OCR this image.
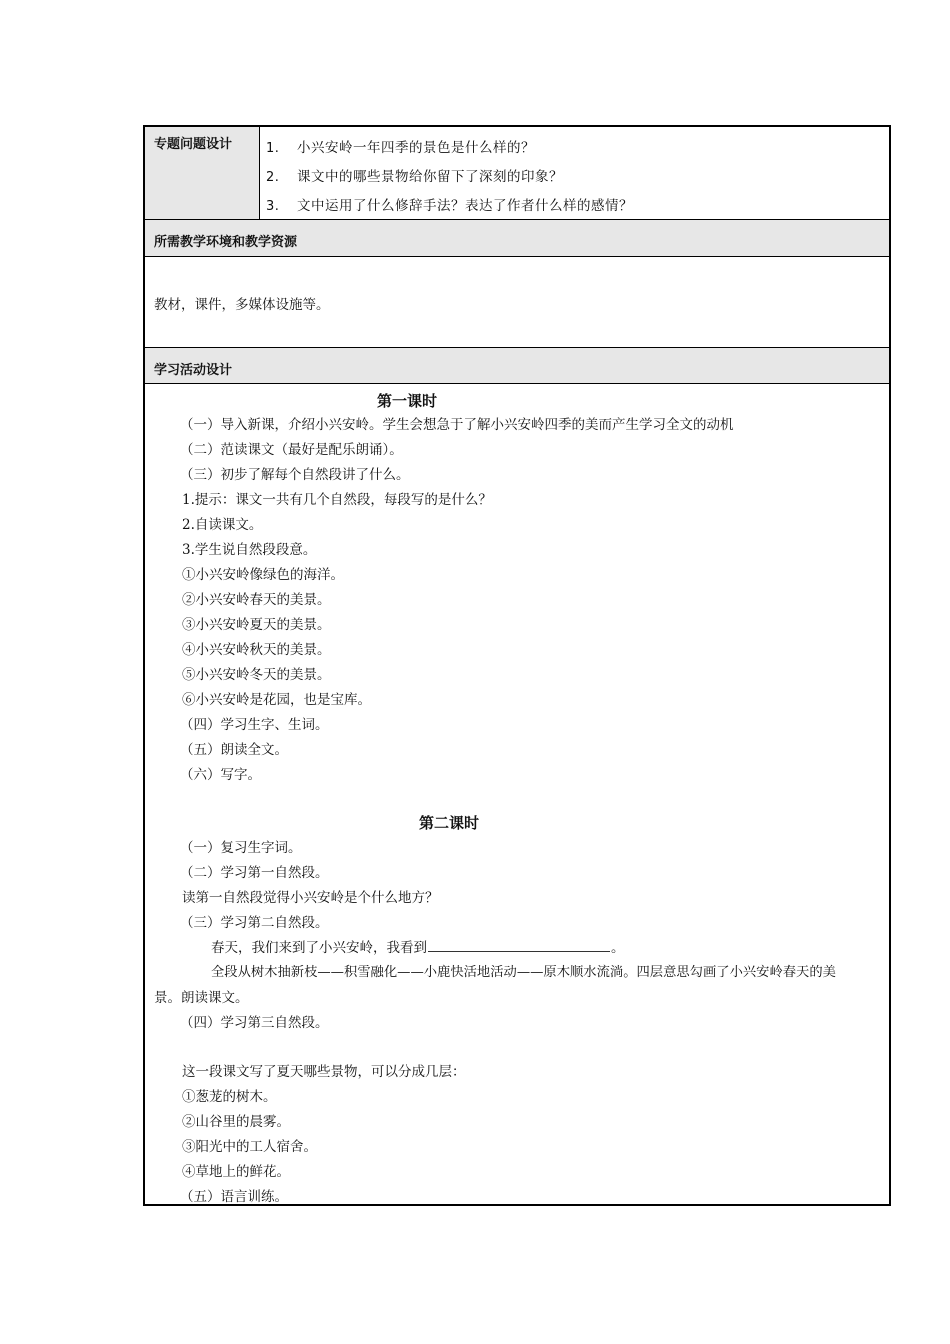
专题问题设计	1. 小兴安岭一年四季的景色是什么样的？
2. 课文中的哪些景物给你留下了深刻的印象？
3. 文中运用了什么修辞手法？表达了作者什么样的感情？
所需教学环境和教学资源
教材，课件，多媒体设施等。
学习活动设计
第一课时
（一）导入新课，介绍小兴安岭。学生会想急于了解小兴安岭四季的美而产生学习全文的动机
（二）范读课文（最好是配乐朗诵）。
（三）初步了解每个自然段讲了什么。
1.提示：课文一共有几个自然段，每段写的是什么？
2.自读课文。
3.学生说自然段段意。
①小兴安岭像绿色的海洋。
②小兴安岭春天的美景。
③小兴安岭夏天的美景。
④小兴安岭秋天的美景。
⑤小兴安岭冬天的美景。
⑥小兴安岭是花园，也是宝库。
（四）学习生字、生词。
（五）朗读全文。
（六）写字。
第二课时
（一）复习生字词。
（二）学习第一自然段。
读第一自然段觉得小兴安岭是个什么地方？
（三）学习第二自然段。
春天，我们来到了小兴安岭，我看到	。
全段从树木抽新枝——积雪融化——小鹿快活地活动——原木顺水流淌。四层意思勾画了小兴安岭春天的美
景。朗读课文。
（四）学习第三自然段。
这一段课文写了夏天哪些景物，可以分成几层：
①葱茏的树木。
②山谷里的晨雾。
③阳光中的工人宿舍。
④草地上的鲜花。
（五）语言训练。
